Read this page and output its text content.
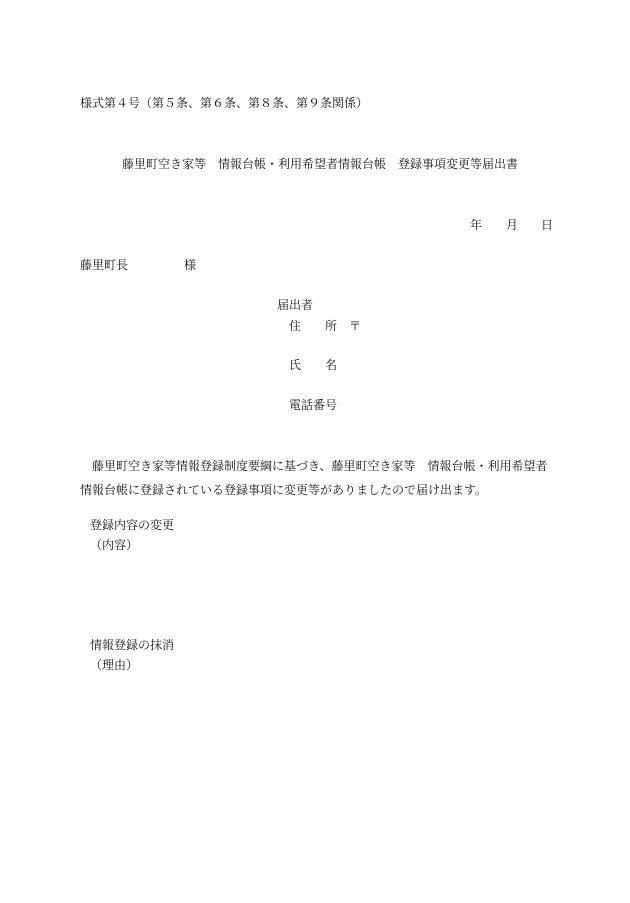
様式第４号（第５条、第６条、第８条、第９条関係）
藤里町空き家等　情報台帳・利用希望者情報台帳　登録事項変更等届出書
年 月 日
藤里町長	様
届出者
住　　所 〒
氏　　名
電話番号
藤里町空き家等情報登録制度要綱に基づき、藤里町空き家等　情報台帳・利用希望者情報台帳に登録されている登録事項に変更等がありましたので届け出ます。
登録内容の変更
（内容）
情報登録の抹消
（理由）
